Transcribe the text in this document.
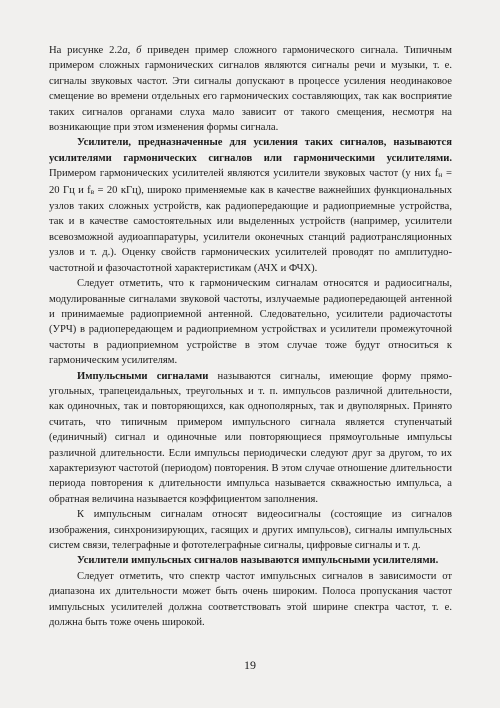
На рисунке 2.2а, б приведен пример сложного гармонического сигнала. Типичным примером сложных гармонических сигналов являются сигналы речи и музыки, т. е. сигналы звуковых частот. Эти сигналы допускают в процессе усиления неодинаковое смещение во времени отдельных его гармонических составляющих, так как восприятие таких сигналов органами слуха мало зависит от такого смещения, несмотря на возникающие при этом изменения формы сигнала.

Усилители, предназначенные для усиления таких сигналов, называются усилителями гармонических сигналов или гармоническими усилителями. Примером гармонических усилителей являются усилители звуковых частот (у них fн = 20 Гц и fв = 20 кГц), широко применяемые как в качестве важнейших функциональных узлов таких сложных устройств, как радиопередающие и радиоприемные устройства, так и в качестве самостоятельных или выделенных устройств (например, усилители всевозможной аудиоаппаратуры, усилители оконечных станций радиотрансляционных узлов и т. д.). Оценку свойств гармонических усилителей проводят по амплитудно-частотной и фазочастотной характеристикам (АЧХ и ФЧХ).

Следует отметить, что к гармоническим сигналам относятся и радиосигналы, модулированные сигналами звуковой частоты, излучаемые радиопередающей антенной и принимаемые радиоприемной антенной. Следовательно, усилители радиочастоты (УРЧ) в радиопередающем и радиоприемном устройствах и усилители промежуточной частоты в радиоприемном устройстве в этом случае тоже будут относиться к гармоническим усилителям.

Импульсными сигналами называются сигналы, имеющие форму прямоугольных, трапецеидальных, треугольных и т. п. импульсов различной длительности, как одиночных, так и повторяющихся, как однополярных, так и двуполярных. Принято считать, что типичным примером импульсного сигнала является ступенчатый (единичный) сигнал и одиночные или повторяющиеся прямоугольные импульсы различной длительности. Если импульсы периодически следуют друг за другом, то их характеризуют частотой (периодом) повторения. В этом случае отношение длительности периода повторения к длительности импульса называется скважностью импульса, а обратная величина называется коэффициентом заполнения.

К импульсным сигналам относят видеосигналы (состоящие из сигналов изображения, синхронизирующих, гасящих и других импульсов), сигналы импульсных систем связи, телеграфные и фототелеграфные сигналы, цифровые сигналы и т. д.

Усилители импульсных сигналов называются импульсными усилителями.

Следует отметить, что спектр частот импульсных сигналов в зависимости от диапазона их длительности может быть очень широким. Полоса пропускания частот импульсных усилителей должна соответствовать этой ширине спектра частот, т. е. должна быть тоже очень широкой.

19
